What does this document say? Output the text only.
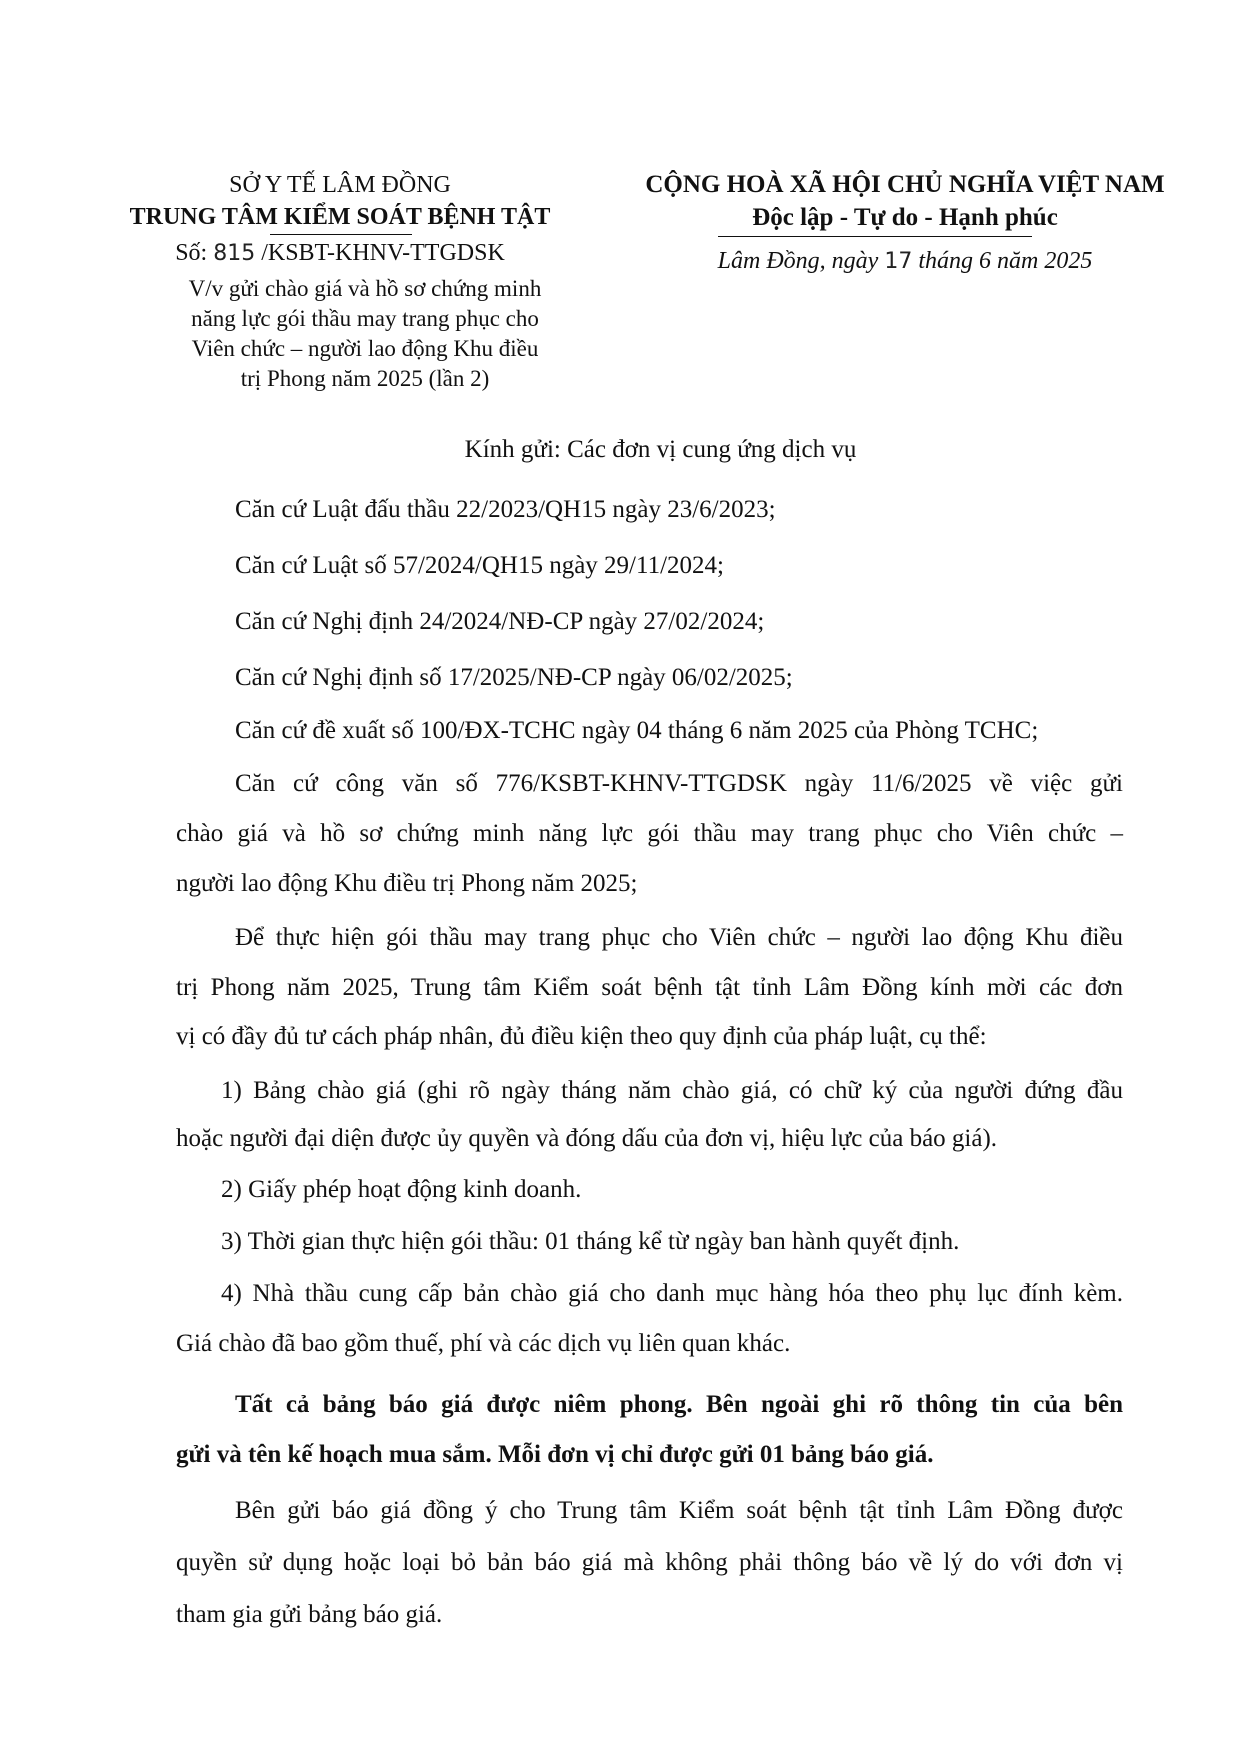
SỞ Y TẾ LÂM ĐỒNG
TRUNG TÂM KIỂM SOÁT BỆNH TẬT
Số: 815 /KSBT-KHNV-TTGDSK
V/v gửi chào giá và hồ sơ chứng minh
năng lực gói thầu may trang phục cho
Viên chức – người lao động Khu điều
trị Phong năm 2025 (lần 2)
CỘNG HOÀ XÃ HỘI CHỦ NGHĨA VIỆT NAM
Độc lập - Tự do - Hạnh phúc
Lâm Đồng, ngày 17 tháng 6 năm 2025
Kính gửi: Các đơn vị cung ứng dịch vụ
Căn cứ Luật đấu thầu 22/2023/QH15 ngày 23/6/2023;
Căn cứ Luật số 57/2024/QH15 ngày 29/11/2024;
Căn cứ Nghị định 24/2024/NĐ-CP ngày 27/02/2024;
Căn cứ Nghị định số 17/2025/NĐ-CP ngày 06/02/2025;
Căn cứ đề xuất số 100/ĐX-TCHC ngày 04 tháng 6 năm 2025 của Phòng TCHC;
Căn cứ công văn số 776/KSBT-KHNV-TTGDSK ngày 11/6/2025 về việc gửi
chào giá và hồ sơ chứng minh năng lực gói thầu may trang phục cho Viên chức –
người lao động Khu điều trị Phong năm 2025;
Để thực hiện gói thầu may trang phục cho Viên chức – người lao động Khu điều
trị Phong năm 2025, Trung tâm Kiểm soát bệnh tật tỉnh Lâm Đồng kính mời các đơn
vị có đầy đủ tư cách pháp nhân, đủ điều kiện theo quy định của pháp luật, cụ thể:
1) Bảng chào giá (ghi rõ ngày tháng năm chào giá, có chữ ký của người đứng đầu
hoặc người đại diện được ủy quyền và đóng dấu của đơn vị, hiệu lực của báo giá).
2) Giấy phép hoạt động kinh doanh.
3) Thời gian thực hiện gói thầu: 01 tháng kể từ ngày ban hành quyết định.
4) Nhà thầu cung cấp bản chào giá cho danh mục hàng hóa theo phụ lục đính kèm.
Giá chào đã bao gồm thuế, phí và các dịch vụ liên quan khác.
Tất cả bảng báo giá được niêm phong. Bên ngoài ghi rõ thông tin của bên
gửi và tên kế hoạch mua sắm. Mỗi đơn vị chỉ được gửi 01 bảng báo giá.
Bên gửi báo giá đồng ý cho Trung tâm Kiểm soát bệnh tật tỉnh Lâm Đồng được
quyền sử dụng hoặc loại bỏ bản báo giá mà không phải thông báo về lý do với đơn vị
tham gia gửi bảng báo giá.
